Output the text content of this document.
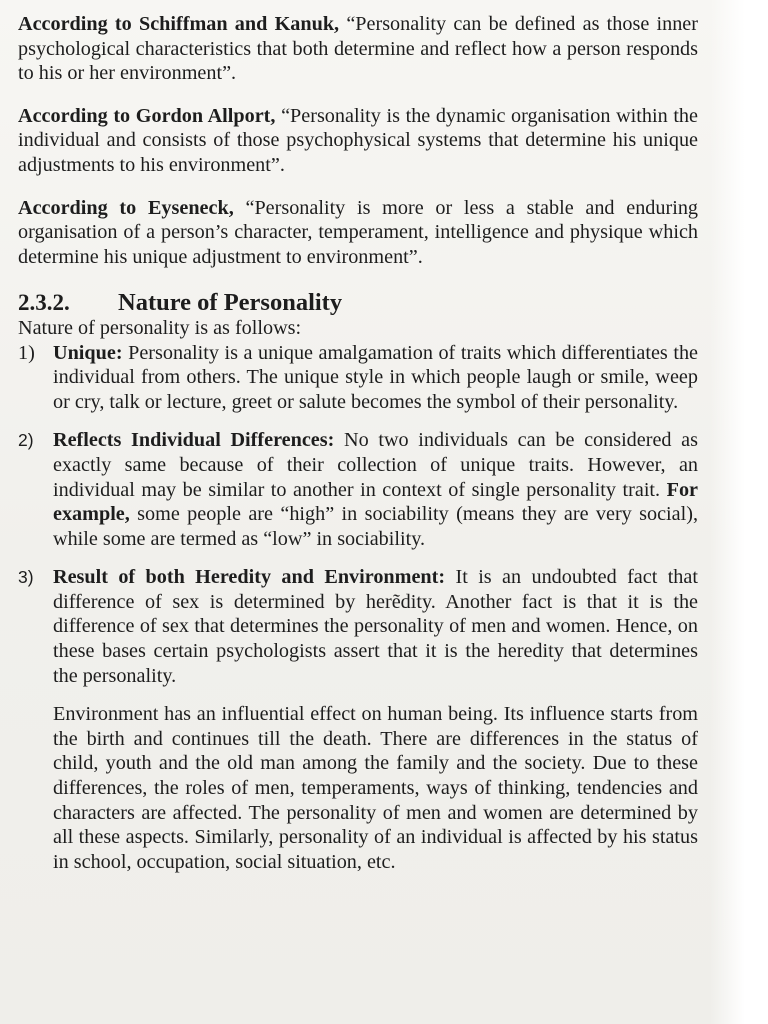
According to Schiffman and Kanuk, “Personality can be defined as those inner psychological characteristics that both determine and reflect how a person responds to his or her environment”.

According to Gordon Allport, “Personality is the dynamic organisation within the individual and consists of those psychophysical systems that determine his unique adjustments to his environment”.

According to Eyseneck, “Personality is more or less a stable and enduring organisation of a person’s character, temperament, intelligence and physique which determine his unique adjustment to environment”.

2.3.2.	Nature of Personality

Nature of personality is as follows:

1) Unique: Personality is a unique amalgamation of traits which differentiates the individual from others. The unique style in which people laugh or smile, weep or cry, talk or lecture, greet or salute becomes the symbol of their personality.

2) Reflects Individual Differences: No two individuals can be considered as exactly same because of their collection of unique traits. However, an individual may be similar to another in context of single personality trait. For example, some people are “high” in sociability (means they are very social), while some are termed as “low” in sociability.

3) Result of both Heredity and Environment: It is an undoubted fact that difference of sex is determined by herẽdity. Another fact is that it is the difference of sex that determines the personality of men and women. Hence, on these bases certain psychologists assert that it is the heredity that determines the personality.

Environment has an influential effect on human being. Its influence starts from the birth and continues till the death. There are differences in the status of child, youth and the old man among the family and the society. Due to these differences, the roles of men, temperaments, ways of thinking, tendencies and characters are affected. The personality of men and women are determined by all these aspects. Similarly, personality of an individual is affected by his status in school, occupation, social situation, etc.
